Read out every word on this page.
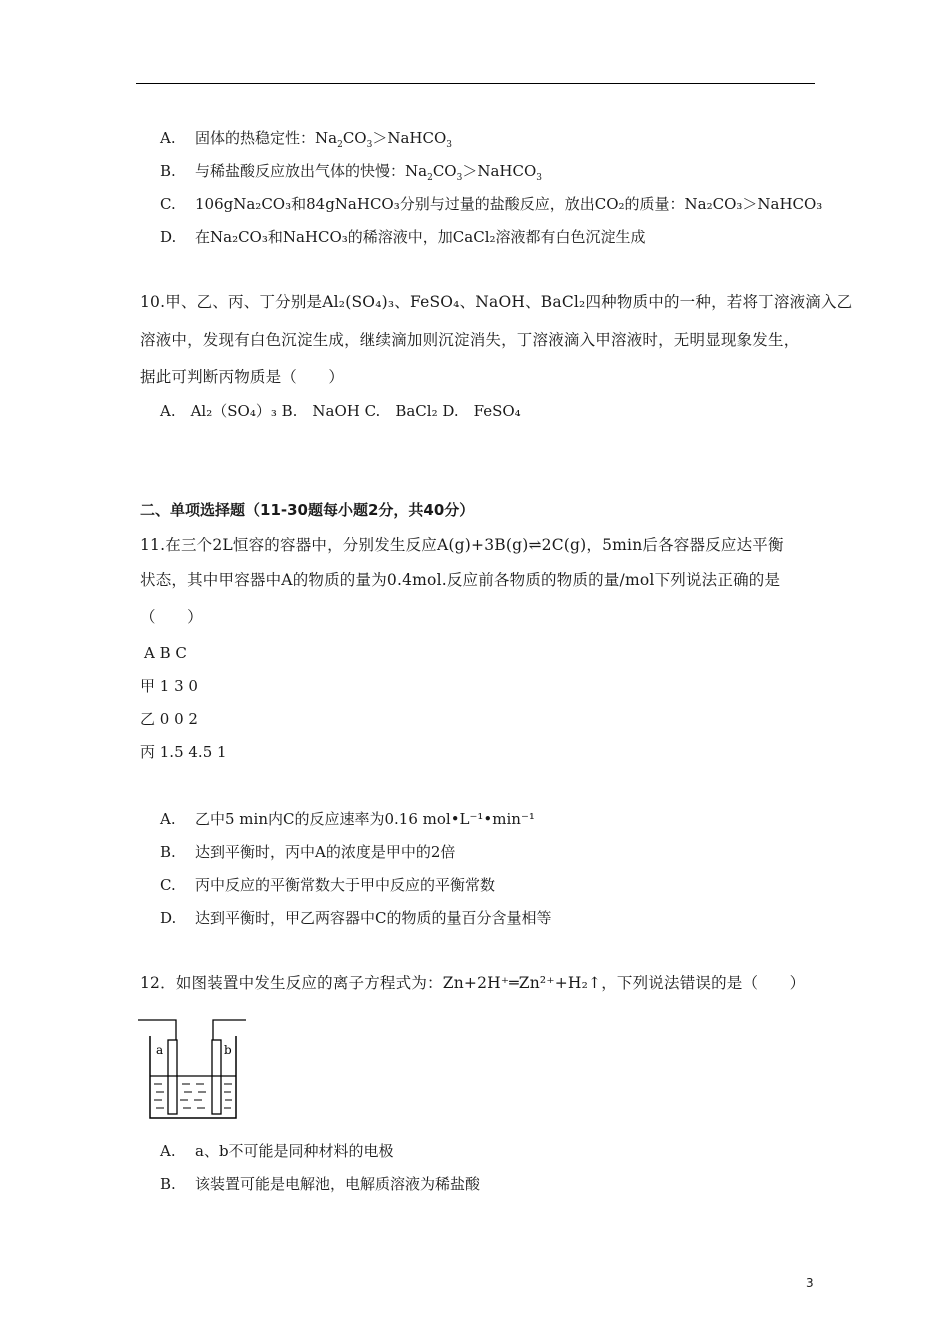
A. 固体的热稳定性：$Na_2CO_3>NaHCO_3$
B. 与稀盐酸反应放出气体的快慢：$Na_2CO_3>NaHCO_3$
C. 106gNa₂CO₃和84gNaHCO₃分别与过量的盐酸反应，放出CO₂的质量：Na₂CO₃＞NaHCO₃
D. 在Na₂CO₃和NaHCO₃的稀溶液中，加CaCl₂溶液都有白色沉淀生成
10.甲、乙、丙、丁分别是Al₂(SO₄)₃、FeSO₄、NaOH、BaCl₂四种物质中的一种，若将丁溶液滴入乙
溶液中，发现有白色沉淀生成，继续滴加则沉淀消失，丁溶液滴入甲溶液时，无明显现象发生，
据此可判断丙物质是（　　）
A.　Al₂（SO₄）₃ B.　NaOH C.　BaCl₂ D.　FeSO₄
二、单项选择题（11-30题每小题2分，共40分）
11.在三个2L恒容的容器中，分别发生反应A(g)+3B(g)⇌2C(g)，5min后各容器反应达平衡
状态，其中甲容器中A的物质的量为0.4mol.反应前各物质的物质的量/mol下列说法正确的是
（　　）
A B C
甲 1 3 0
乙 0 0 2
丙 1.5 4.5 1
A. 乙中5 min内C的反应速率为0.16 mol•L⁻¹•min⁻¹
B. 达到平衡时，丙中A的浓度是甲中的2倍
C. 丙中反应的平衡常数大于甲中反应的平衡常数
D. 达到平衡时，甲乙两容器中C的物质的量百分含量相等
12．如图装置中发生反应的离子方程式为：Zn+2H⁺═Zn²⁺+H₂↑，下列说法错误的是（　　）
a	b
A. a、b不可能是同种材料的电极
B. 该装置可能是电解池，电解质溶液为稀盐酸
3
